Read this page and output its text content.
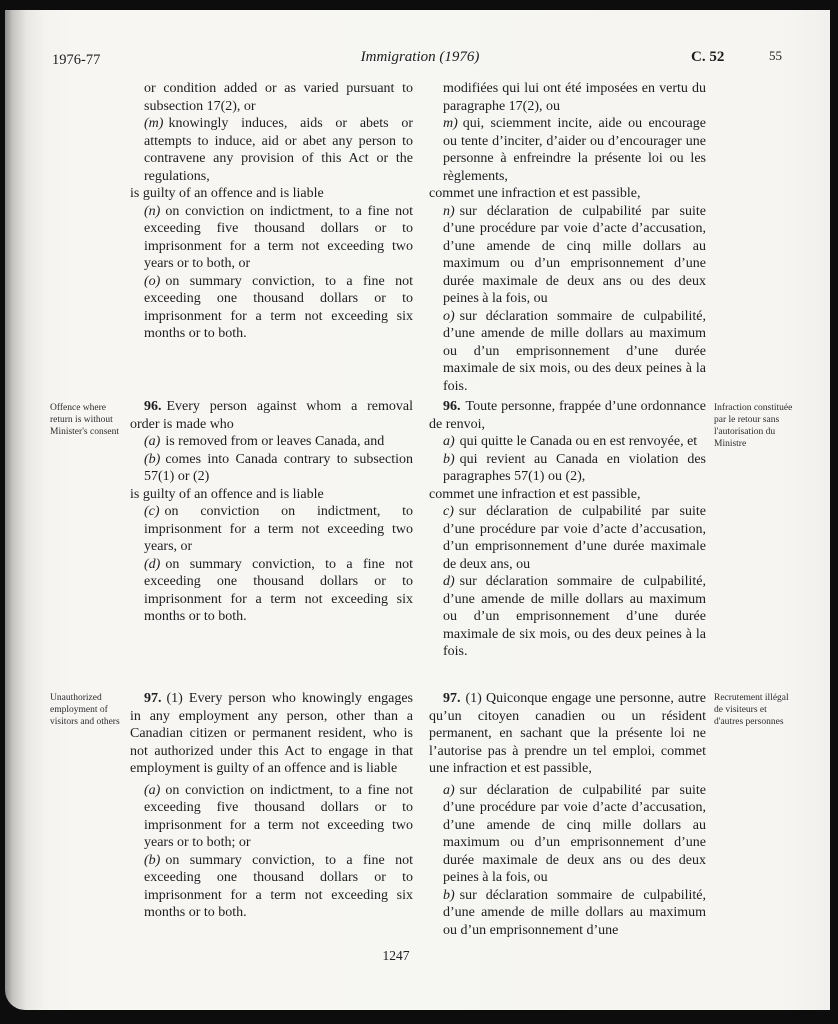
1976-77	Immigration (1976)	C. 52	55

or condition added or as varied pursuant to subsection 17(2), or

(m) knowingly induces, aids or abets or attempts to induce, aid or abet any person to contravene any provision of this Act or the regulations,

is guilty of an offence and is liable

(n) on conviction on indictment, to a fine not exceeding five thousand dollars or to imprisonment for a term not exceeding two years or to both, or

(o) on summary conviction, to a fine not exceeding one thousand dollars or to imprisonment for a term not exceeding six months or to both.

modifiées qui lui ont été imposées en vertu du paragraphe 17(2), ou

m) qui, sciemment incite, aide ou encourage ou tente d’inciter, d’aider ou d’encourager une personne à enfreindre la présente loi ou les règlements,

commet une infraction et est passible,

n) sur déclaration de culpabilité par suite d’une procédure par voie d’acte d’accusation, d’une amende de cinq mille dollars au maximum ou d’un emprisonnement d’une durée maximale de deux ans ou des deux peines à la fois, ou

o) sur déclaration sommaire de culpabilité, d’une amende de mille dollars au maximum ou d’un emprisonnement d’une durée maximale de six mois, ou des deux peines à la fois.

Offence where return is without Minister's consent

96. Every person against whom a removal order is made who

(a) is removed from or leaves Canada, and

(b) comes into Canada contrary to subsection 57(1) or (2)

is guilty of an offence and is liable

(c) on conviction on indictment, to imprisonment for a term not exceeding two years, or

(d) on summary conviction, to a fine not exceeding one thousand dollars or to imprisonment for a term not exceeding six months or to both.

96. Toute personne, frappée d’une ordonnance de renvoi,

a) qui quitte le Canada ou en est renvoyée, et

b) qui revient au Canada en violation des paragraphes 57(1) ou (2),

commet une infraction et est passible,

c) sur déclaration de culpabilité par suite d’une procédure par voie d’acte d’accusation, d’un emprisonnement d’une durée maximale de deux ans, ou

d) sur déclaration sommaire de culpabilité, d’une amende de mille dollars au maximum ou d’un emprisonnement d’une durée maximale de six mois, ou des deux peines à la fois.

Infraction constituée par le retour sans l'autorisation du Ministre
Unauthorized employment of visitors and others

97. (1) Every person who knowingly engages in any employment any person, other than a Canadian citizen or permanent resident, who is not authorized under this Act to engage in that employment is guilty of an offence and is liable

(a) on conviction on indictment, to a fine not exceeding five thousand dollars or to imprisonment for a term not exceeding two years or to both; or

(b) on summary conviction, to a fine not exceeding one thousand dollars or to imprisonment for a term not exceeding six months or to both.

97. (1) Quiconque engage une personne, autre qu’un citoyen canadien ou un résident permanent, en sachant que la présente loi ne l’autorise pas à prendre un tel emploi, commet une infraction et est passible,

a) sur déclaration de culpabilité par suite d’une procédure par voie d’acte d’accusation, d’une amende de cinq mille dollars au maximum ou d’un emprisonnement d’une durée maximale de deux ans ou des deux peines à la fois, ou

b) sur déclaration sommaire de culpabilité, d’une amende de mille dollars au maximum ou d’un emprisonnement d’une

Recrutement illégal de visiteurs et d'autres personnes
1247
